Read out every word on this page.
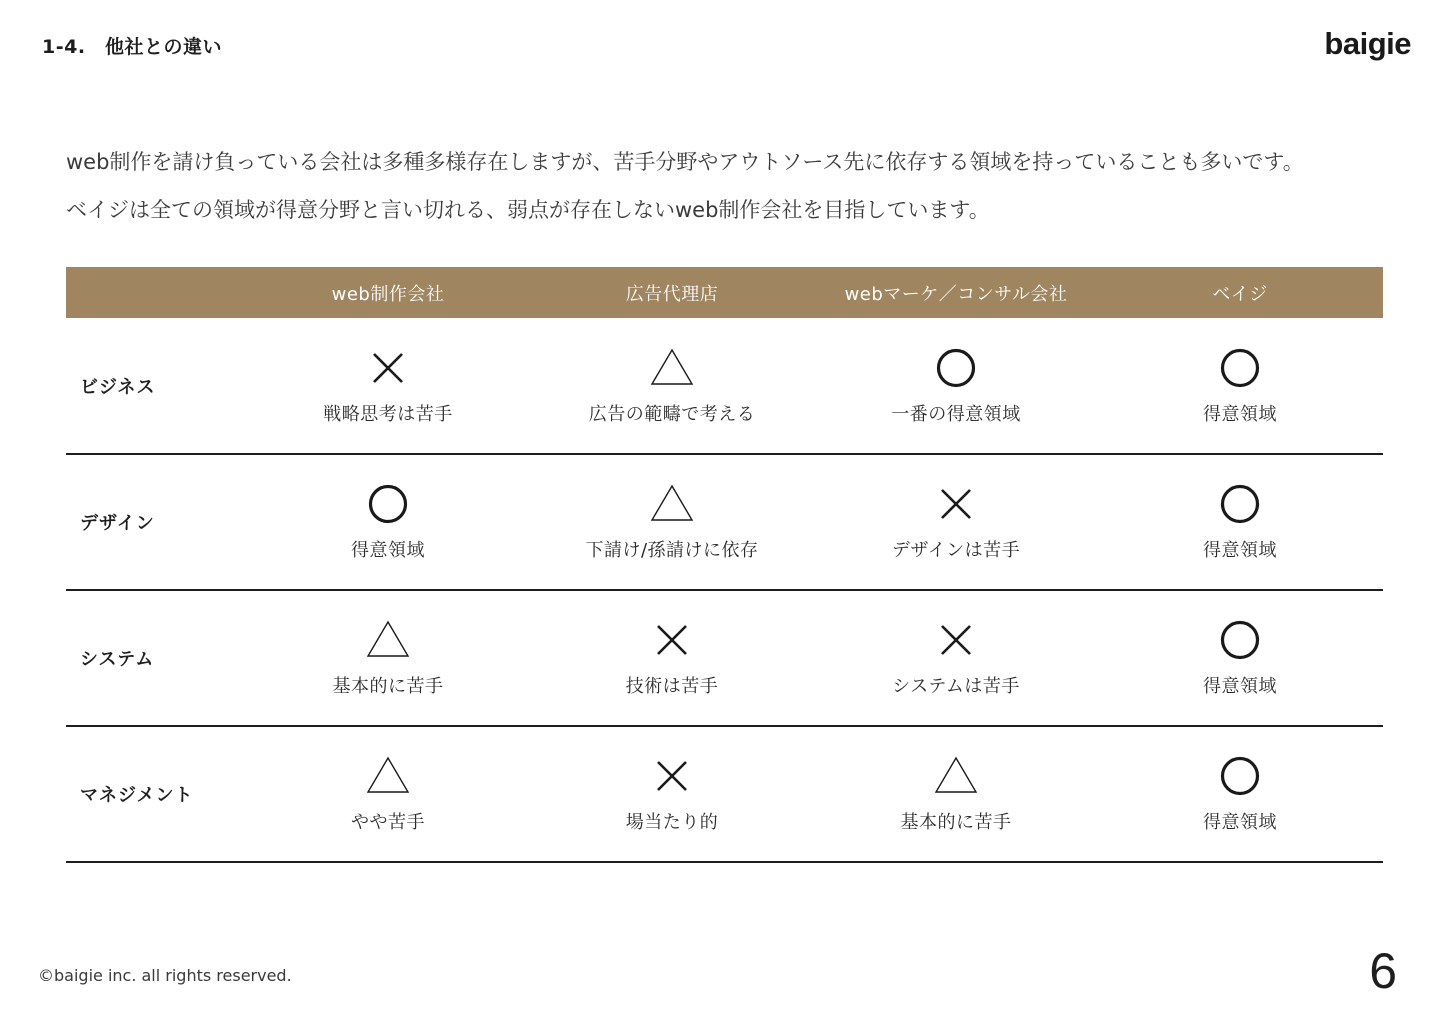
1-4.　他社との違い	baigie

web制作を請け負っている会社は多種多様存在しますが、苦手分野やアウトソース先に依存する領域を持っていることも多いです。

ベイジは全ての領域が得意分野と言い切れる、弱点が存在しないweb制作会社を目指しています。

web制作会社	広告代理店	webマーケ／コンサル会社	ベイジ
ビジネス
戦略思考は苦手	広告の範疇で考える	一番の得意領域	得意領域
デザイン
得意領域	下請け/孫請けに依存	デザインは苦手	得意領域
システム
基本的に苦手	技術は苦手	システムは苦手	得意領域
マネジメント
やや苦手	場当たり的	基本的に苦手	得意領域
©baigie inc. all rights reserved.	6
